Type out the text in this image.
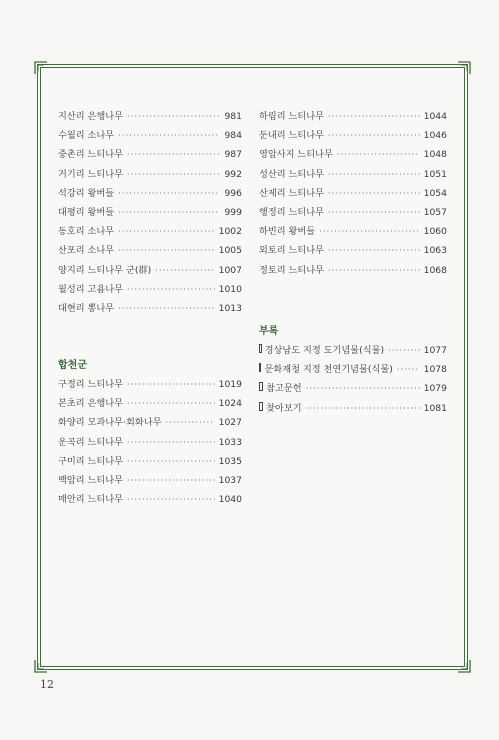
지산리 은행나무 ·····	981
수월리 소나무 ·····	984
중촌리 느티나무 ·····	987
거기리 느티나무 ·····	992
석강리 왕버들 ·····	996
대평리 왕버들 ·····	999
동호리 소나무 ·····	1002
산포리 소나무 ·····	1005
양지리 느티나무 군(群) ·····	1007
월성리 고욤나무 ·····	1010
대현리 뽕나무 ·····	1013
합천군
구정리 느티나무 ·····	1019
본초리 은행나무 ·····	1024
화양리 모과나무·회화나무 ·····	1027
운곡리 느티나무 ·····	1033
구미리 느티나무 ·····	1035
백암리 느티나무 ·····	1037
매안리 느티나무 ·····	1040
하림리 느티나무 ·····	1044
둔내리 느티나무 ·····	1046
영암사지 느티나무 ·····	1048
성산리 느티나무 ·····	1051
산제리 느티나무 ·····	1054
행정리 느티나무 ·····	1057
하빈리 왕버들 ·····	1060
외토리 느티나무 ·····	1063
정토리 느티나무 ·····	1068
부록
경상남도 지정 도기념물(식물) ·····	1077
문화재청 지정 천연기념물(식물) ·····	1078
참고문헌 ·····	1079
찾아보기 ·····	1081
12
